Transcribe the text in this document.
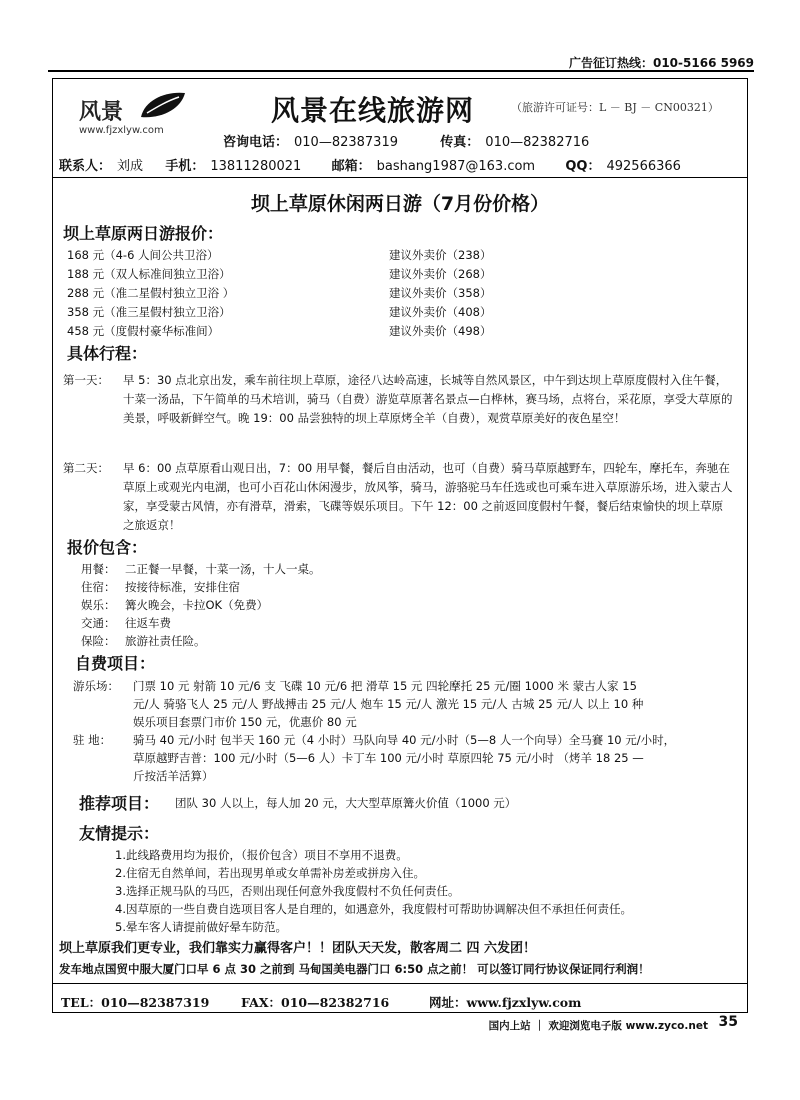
广告征订热线：010-5166 5969
风景
www.fjzxlyw.com
风景在线旅游网	（旅游许可证号：L － BJ － CN00321）
咨询电话： 010—82387319	传真： 010—82382716
联系人： 刘成 手机： 13811280021 邮箱： bashang1987@163.com QQ： 492566366
坝上草原休闲两日游（7月份价格）
坝上草原两日游报价：
168 元（4-6 人间公共卫浴）	建议外卖价（238）
188 元（双人标准间独立卫浴）	建议外卖价（268）
288 元（准二星假村独立卫浴 ）	建议外卖价（358）
358 元（准三星假村独立卫浴）	建议外卖价（408）
458 元（度假村豪华标准间）	建议外卖价（498）
具体行程：
第一天： 早 5：30 点北京出发，乘车前往坝上草原，途径八达岭高速，长城等自然风景区，中午到达坝上草原度假村入住午餐，十菜一汤品，下午简单的马术培训，骑马（自费）游览草原著名景点—白桦林，赛马场，点将台，采花原，享受大草原的美景，呼吸新鲜空气。晚 19：00 品尝独特的坝上草原烤全羊（自费），观赏草原美好的夜色星空！
第二天： 早 6：00 点草原看山观日出，7：00 用早餐，餐后自由活动，也可（自费）骑马草原越野车，四轮车，摩托车，奔驰在草原上或观光内电湖，也可小百花山休闲漫步，放风筝，骑马，游骆驼马车任选或也可乘车进入草原游乐场，进入蒙古人家，享受蒙古风情，亦有滑草，滑索，飞碟等娱乐项目。下午 12：00 之前返回度假村午餐，餐后结束愉快的坝上草原之旅返京！
报价包含：
用餐： 二正餐一早餐，十菜一汤，十人一桌。
住宿： 按接待标准，安排住宿
娱乐： 篝火晚会，卡拉OK（免费）
交通： 往返车费
保险： 旅游社责任险。
自费项目：
游乐场： 门票 10 元 射箭 10 元/6 支 飞碟 10 元/6 把 滑草 15 元 四轮摩托 25 元/圈 1000 米 蒙古人家 15
元/人 骑骆飞人 25 元/人 野战搏击 25 元/人 炮车 15 元/人 激光 15 元/人 古城 25 元/人 以上 10 种
娱乐项目套票门市价 150 元，优惠价 80 元
驻 地： 骑马 40 元/小时 包半天 160 元（4 小时）马队向导 40 元/小时（5—8 人一个向导）全马賽 10 元/小时，
草原越野吉普：100 元/小时（5—6 人）卡丁车 100 元/小时 草原四轮 75 元/小时 （烤羊 18 25 —
斤按活羊活算）
推荐项目： 团队 30 人以上，每人加 20 元，大大型草原篝火价值（1000 元）
友情提示：
1.此线路费用均为报价，（报价包含）项目不享用不退费。
2.住宿无自然单间，若出现男单或女单需补房差或拼房入住。
3.选择正规马队的马匹，否则出现任何意外我度假村不负任何责任。
4.因草原的一些自费自选项目客人是自理的，如遇意外，我度假村可帮助协调解决但不承担任何责任。
5.晕车客人请提前做好晕车防范。
坝上草原我们更专业，我们靠实力赢得客户！！团队天天发，散客周二 四 六发团！
发车地点国贸中服大厦门口早 6 点 30 之前到 马甸国美电器门口 6:50 点之前！ 可以签订同行协议保证同行利润！
TEL：010—82387319	FAX：010—82382716	网址：www.fjzxlyw.com
国内上站 ｜ 欢迎浏览电子版 www.zyco.net 35
